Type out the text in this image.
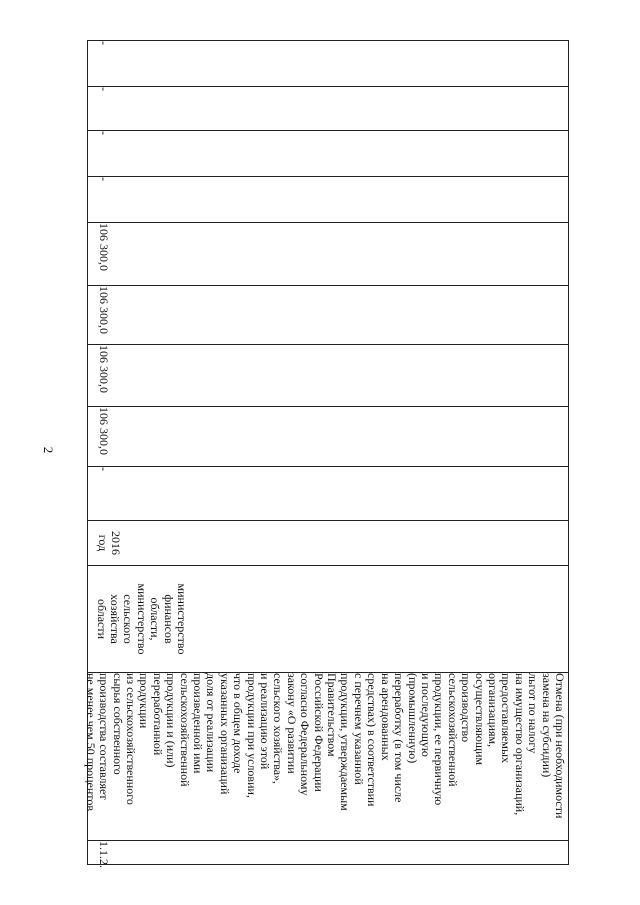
2
-
-
-
-
106 300,0
106 300,0
106 300,0
106 300,0
-
2016
год
министерство
финансов
области,
министерство
сельского
хозяйства
области
Отмена (при необходимости
замена на субсидии)
льгот по налогу
на имущество организаций,
предоставляемых
организациям,
осуществляющим
производство
сельскохозяйственной
продукции, ее первичную
и последующую
(промышленную)
переработку (в том числе
на арендованных
средствах) в соответствии
с перечнем указанной
продукции, утверждаемым
Правительством
Российской Федерации
согласно Федеральному
закону «О развитии
сельского хозяйства»,
и реализацию этой
продукции при условии,
что в общем доходе
указанных организаций
доля от реализации
произведенной ими
сельскохозяйственной
продукции и (или)
переработанной
продукции
из сельскохозяйственного
сырья собственного
производства составляет
не менее чем 50 процентов
1.1.2.
